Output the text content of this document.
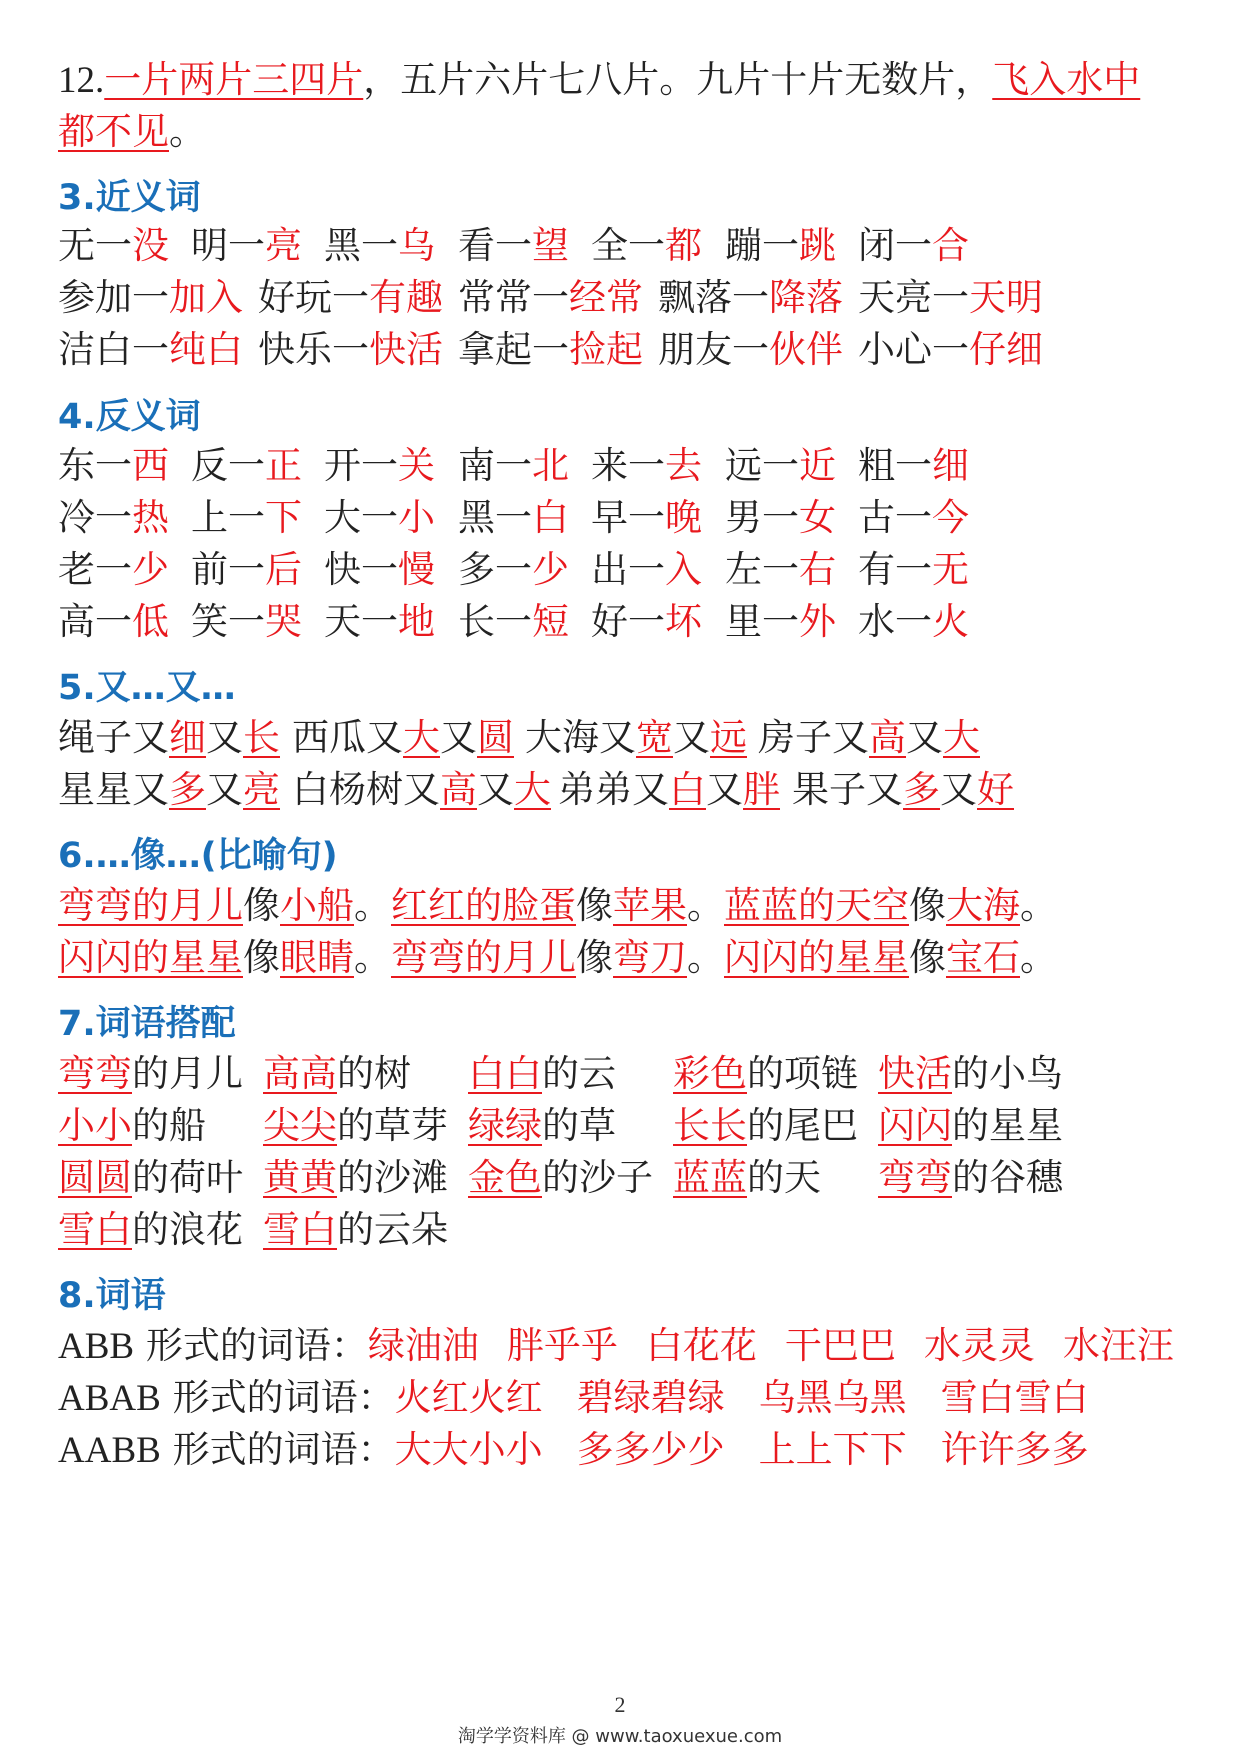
12.一片两片三四片，五片六片七八片。九片十片无数片，飞入水中
都不见。
3.近义词
无一没 明一亮 黑一乌 看一望 全一都 蹦一跳 闭一合
参加一加入 好玩一有趣 常常一经常 飘落一降落 天亮一天明
洁白一纯白 快乐一快活 拿起一捡起 朋友一伙伴 小心一仔细
4.反义词
东一西 反一正 开一关 南一北 来一去 远一近 粗一细
冷一热 上一下 大一小 黑一白 早一晚 男一女 古一今
老一少 前一后 快一慢 多一少 出一入 左一右 有一无
高一低 笑一哭 天一地 长一短 好一坏 里一外 水一火
5.又…又…
绳子又细又长 西瓜又大又圆 大海又宽又远 房子又高又大
星星又多又亮 白杨树又高又大 弟弟又白又胖 果子又多又好
6.…像…(比喻句)
弯弯的月儿像小船。红红的脸蛋像苹果。蓝蓝的天空像大海。
闪闪的星星像眼睛。弯弯的月儿像弯刀。闪闪的星星像宝石。
7.词语搭配
弯弯的月儿 高高的树 白白的云 彩色的项链 快活的小鸟
小小的船 尖尖的草芽 绿绿的草 长长的尾巴 闪闪的星星
圆圆的荷叶 黄黄的沙滩 金色的沙子 蓝蓝的天 弯弯的谷穗
雪白的浪花 雪白的云朵
8.词语
ABB 形式的词语：绿油油 胖乎乎 白花花 干巴巴 水灵灵 水汪汪
ABAB 形式的词语：火红火红 碧绿碧绿 乌黑乌黑 雪白雪白
AABB 形式的词语：大大小小 多多少少 上上下下 许许多多
2
淘学学资料库 @ www.taoxuexue.com
